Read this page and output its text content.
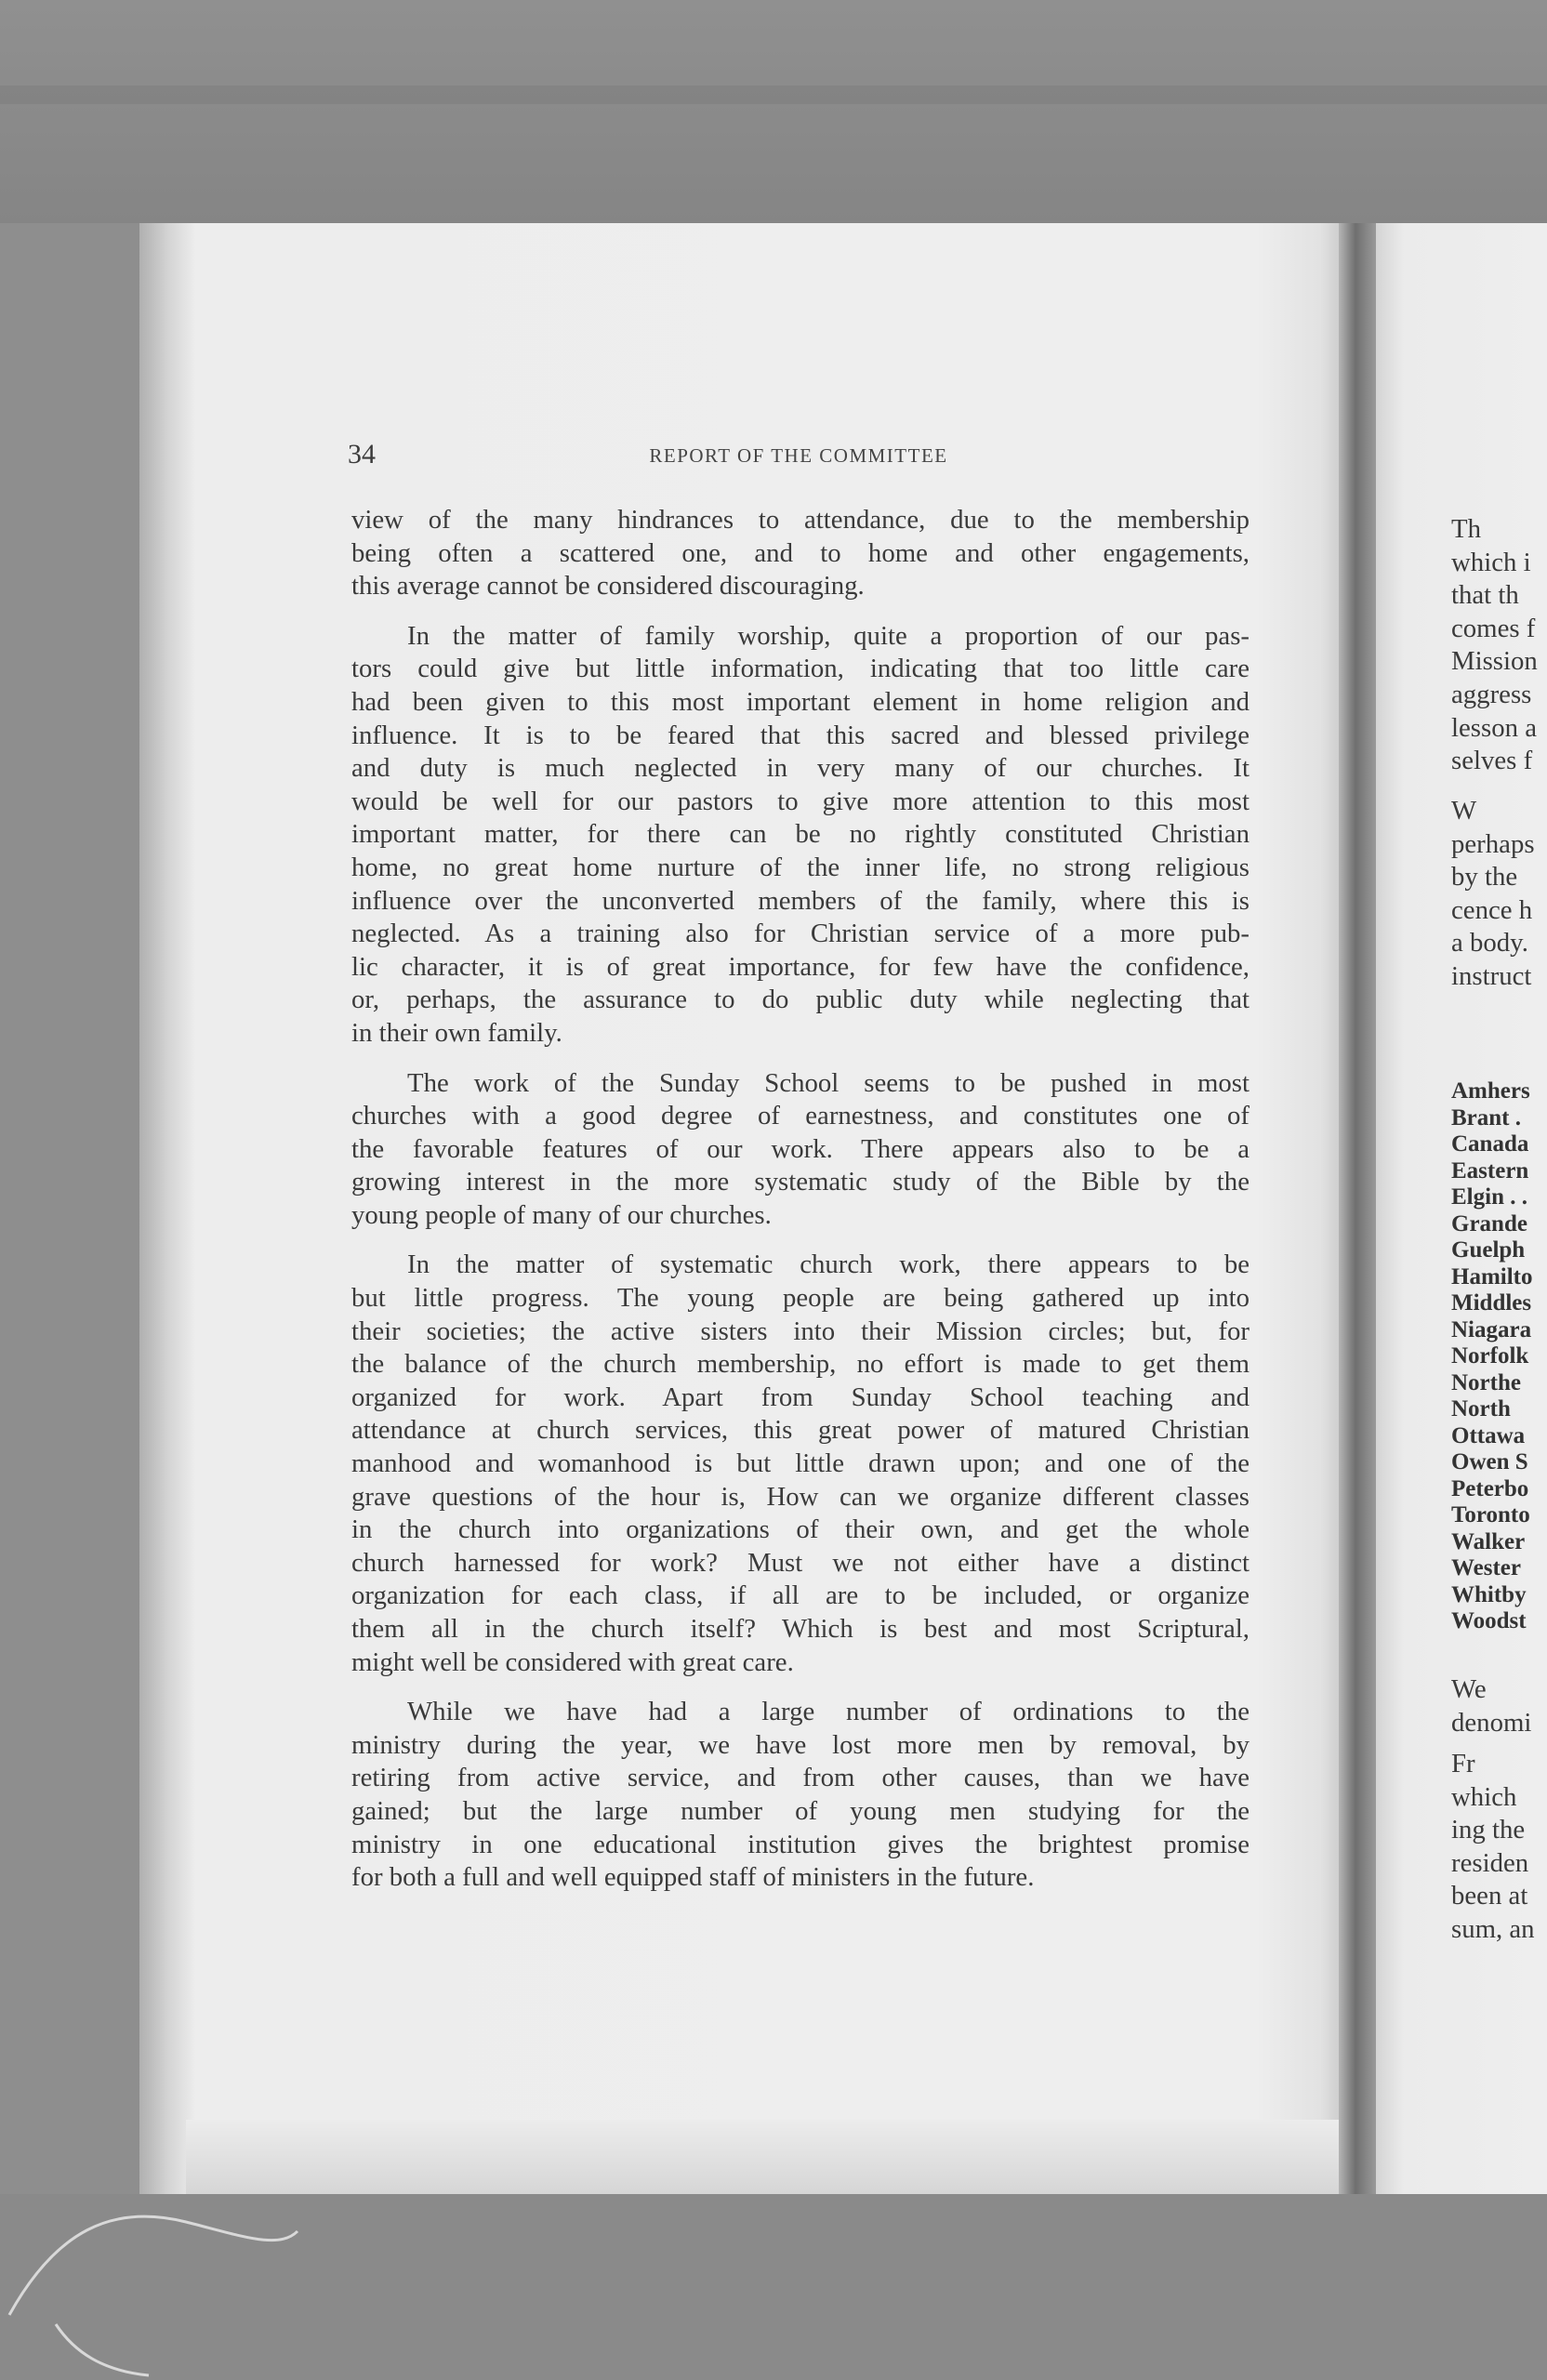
34	REPORT OF THE COMMITTEE
view of the many hindrances to attendance, due to the membership
being often a scattered one, and to home and other engagements,
this average cannot be considered discouraging.
In the matter of family worship, quite a proportion of our pas-
tors could give but little information, indicating that too little care
had been given to this most important element in home religion and
influence. It is to be feared that this sacred and blessed privilege
and duty is much neglected in very many of our churches. It
would be well for our pastors to give more attention to this most
important matter, for there can be no rightly constituted Christian
home, no great home nurture of the inner life, no strong religious
influence over the unconverted members of the family, where this is
neglected. As a training also for Christian service of a more pub-
lic character, it is of great importance, for few have the confidence,
or, perhaps, the assurance to do public duty while neglecting that
in their own family.
The work of the Sunday School seems to be pushed in most
churches with a good degree of earnestness, and constitutes one of
the favorable features of our work. There appears also to be a
growing interest in the more systematic study of the Bible by the
young people of many of our churches.
In the matter of systematic church work, there appears to be
but little progress. The young people are being gathered up into
their societies; the active sisters into their Mission circles; but, for
the balance of the church membership, no effort is made to get them
organized for work. Apart from Sunday School teaching and
attendance at church services, this great power of matured Christian
manhood and womanhood is but little drawn upon; and one of the
grave questions of the hour is, How can we organize different classes
in the church into organizations of their own, and get the whole
church harnessed for work? Must we not either have a distinct
organization for each class, if all are to be included, or organize
them all in the church itself? Which is best and most Scriptural,
might well be considered with great care.
While we have had a large number of ordinations to the
ministry during the year, we have lost more men by removal, by
retiring from active service, and from other causes, than we have
gained; but the large number of young men studying for the
ministry in one educational institution gives the brightest promise
for both a full and well equipped staff of ministers in the future.
Th
which i
that th
comes f
Mission
aggress
lesson a
selves f
W
perhaps
by the
cence h
a body.
instruct
Amhers
Brant .
Canada
Eastern
Elgin . .
Grande
Guelph
Hamilto
Middles
Niagara
Norfolk
Northe
North
Ottawa
Owen S
Peterbo
Toronto
Walker
Wester
Whitby
Woodst
We
denomi
Fr
which
ing the
residen
been at
sum, an
